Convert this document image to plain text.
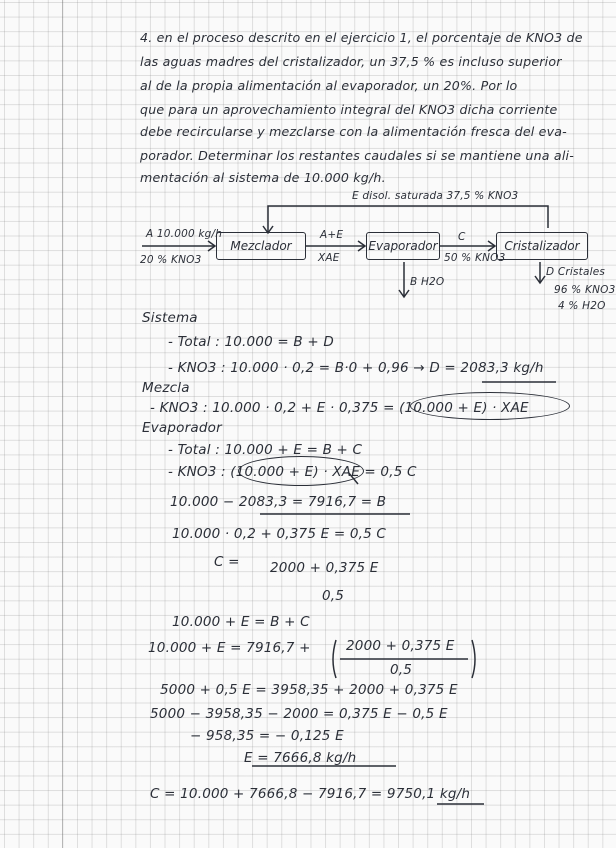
4. en el proceso descrito en el ejercicio 1, el porcentaje de KNO3 de
las aguas madres del cristalizador, un 37,5 % es incluso superior
al de la propia alimentación al evaporador, un 20%. Por lo
que para un aprovechamiento integral del KNO3 dicha corriente
debe recircularse y mezclarse con la alimentación fresca del eva-
porador. Determinar los restantes caudales si se mantiene una ali-
mentación al sistema de 10.000 kg/h.
Mezclador	Evaporador	Cristalizador
E disol. saturada 37,5 % KNO3
A 10.000 kg/h
20 % KNO3
A+E
XAE
C
50 % KNO3
B H2O
D Cristales
96 % KNO3
4 % H2O
Sistema
- Total : 10.000 = B + D
- KNO3 : 10.000 · 0,2 = B·0 + 0,96 → D = 2083,3 kg/h
Mezcla
- KNO3 : 10.000 · 0,2 + E · 0,375 = (10.000 + E) · XAE
Evaporador
- Total : 10.000 + E = B + C
- KNO3 : (10.000 + E) · XAE = 0,5 C
10.000 − 2083,3 = 7916,7 = B
10.000 · 0,2 + 0,375 E = 0,5 C
C = 2000 + 0,375 E
0,5
10.000 + E = B + C
10.000 + E = 7916,7 +	2000 + 0,375 E
0,5
5000 + 0,5 E = 3958,35 + 2000 + 0,375 E
5000 − 3958,35 − 2000 = 0,375 E − 0,5 E
− 958,35 = − 0,125 E
E = 7666,8 kg/h
C = 10.000 + 7666,8 − 7916,7 = 9750,1 kg/h
